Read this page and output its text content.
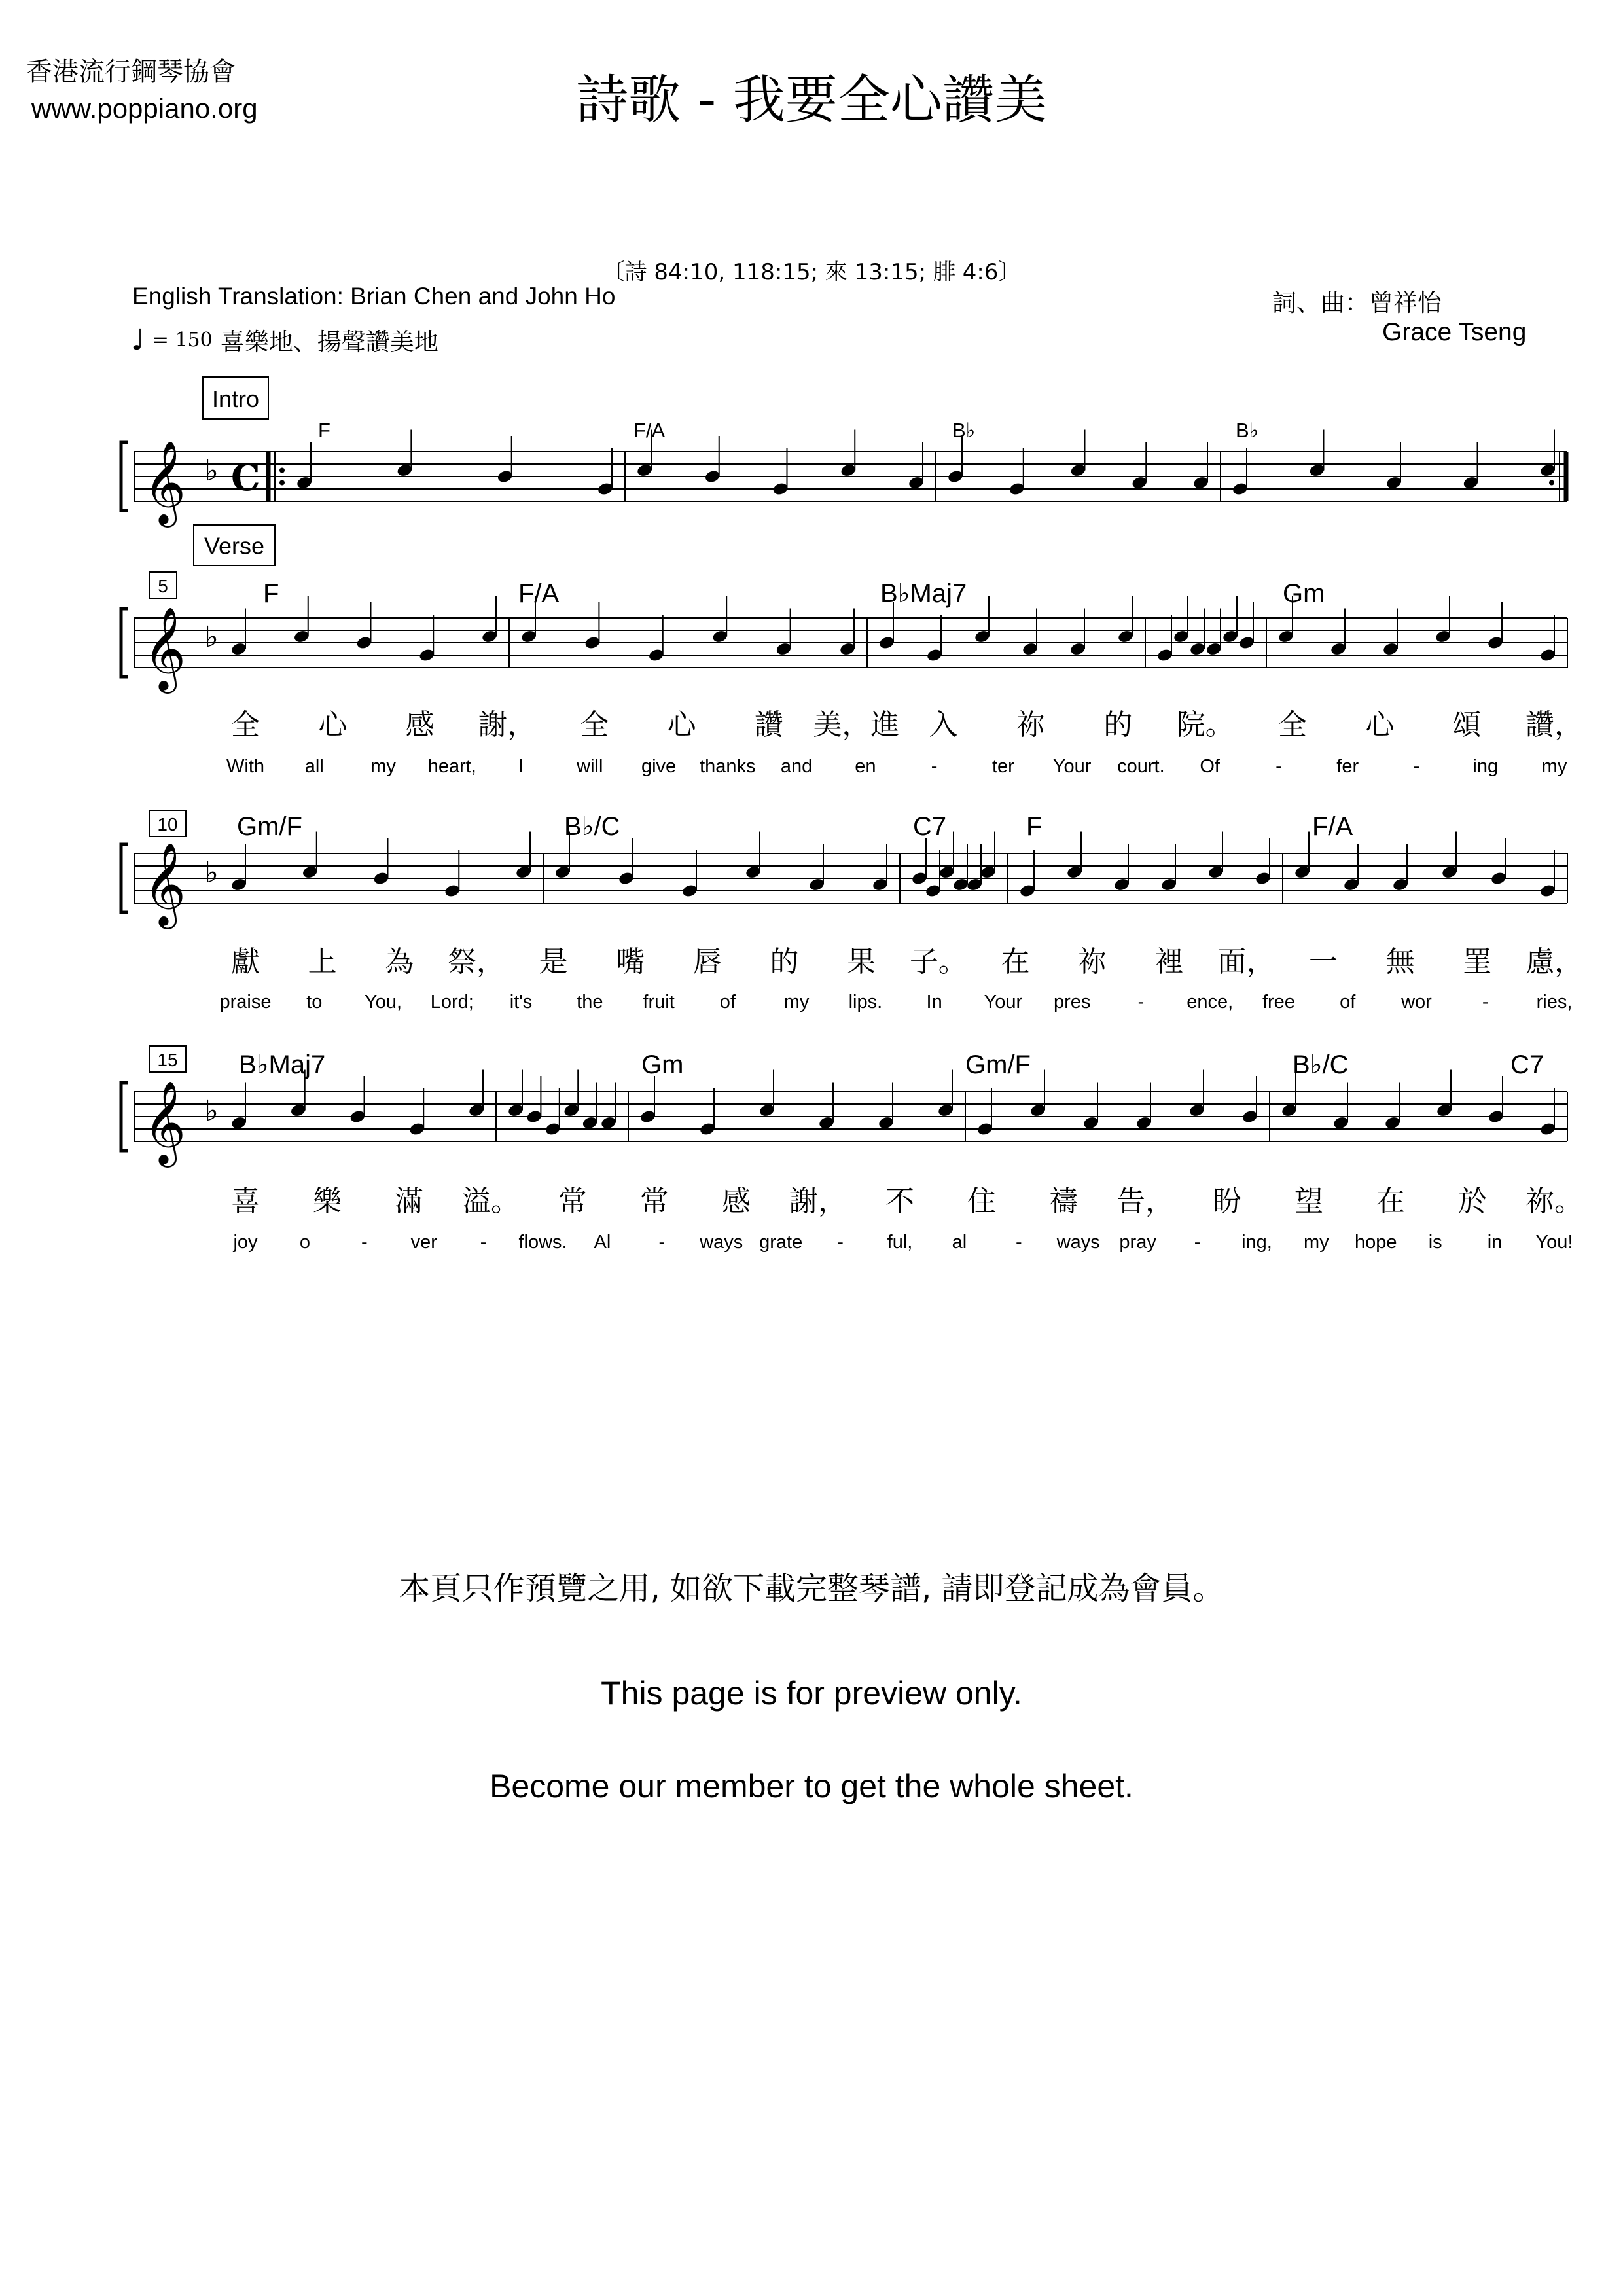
香港流行鋼琴協會
www.poppiano.org	詩歌 - 我要全心讚美
〔詩 84:10, 118:15; 來 13:15; 腓 4:6〕
English Translation: Brian Chen and John Ho	詞、曲：曾祥怡
Grace Tseng
♩ = 150 喜樂地、揚聲讚美地
𝄞 ♭ C
Intro
F	F/A	B♭	B♭
𝄞 ♭
Verse
5	F	F/A	B♭Maj7	Gm
全 心 感 謝， 全 心 讚 美，進 入 祢 的 院。 全 心 頌 讚，
With all my heart, I	will give thanks and en	-	ter Your court. Of	-	fer	-	ing my
𝄞 ♭
10 Gm/F	B♭/C	C7	F	F/A
獻 上 為 祭， 是 嘴 唇 的 果 子。 在 祢 裡 面， 一 無 罣 慮，
praise to You, Lord; it's the fruit of	my lips. In Your pres - ence, free of wor	-	ries,
𝄞 ♭
15 B♭Maj7	Gm	Gm/F	B♭/C	C7
喜 樂 滿 溢。 常 常 感 謝， 不 住 禱 告， 盼 望 在 於 祢。
joy o	- ver - flows. Al	- ways grate - ful, al	- ways pray - ing, my hope is in You!
本頁只作預覽之用, 如欲下載完整琴譜, 請即登記成為會員。
This page is for preview only.
Become our member to get the whole sheet.
